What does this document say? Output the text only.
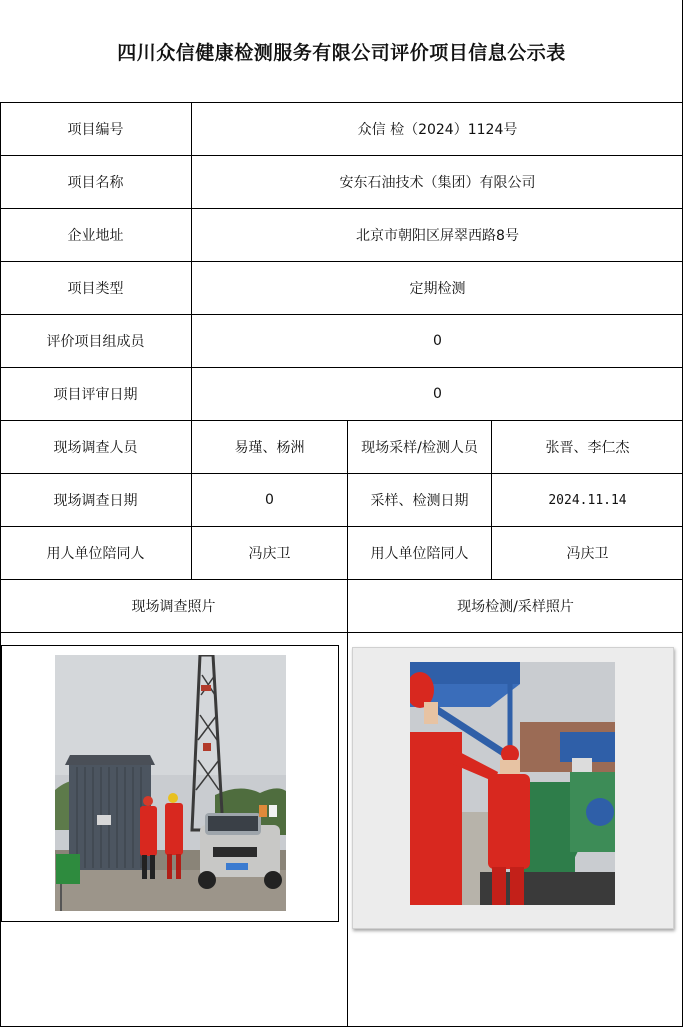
四川众信健康检测服务有限公司评价项目信息公示表
项目编号	众信 检（2024）1124号
项目名称	安东石油技术（集团）有限公司
企业地址	北京市朝阳区屏翠西路8号
项目类型	定期检测
评价项目组成员	0
项目评审日期	0
现场调查人员	易瑾、杨洲	现场采样/检测人员	张晋、李仁杰
现场调查日期	0	采样、检测日期	2024.11.14
用人单位陪同人	冯庆卫	用人单位陪同人	冯庆卫
现场调查照片	现场检测/采样照片
